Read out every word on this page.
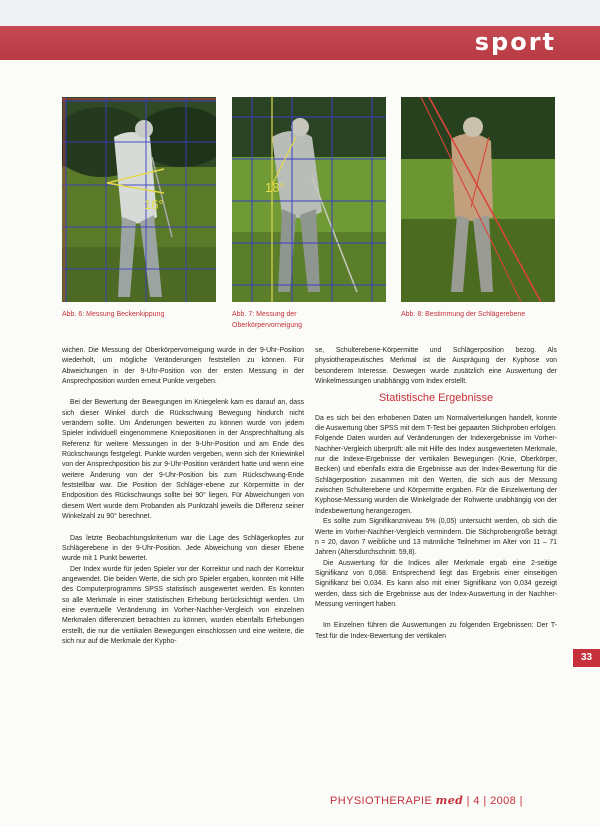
sport
16°
Abb. 6: Messung Beckenkippung
18°
Abb. 7: Messung der Oberkörpervorneigung
Abb. 8: Bestimmung der Schlägerebene

wichen. Die Messung der Oberkörpervorneigung wurde in der 9-Uhr-Position wiederholt, um mögliche Veränderungen feststellen zu können. Für Abweichungen in der 9-Uhr-Position von der ersten Messung in der Ansprechposition wurden erneut Punkte vergeben.

Bei der Bewertung der Bewegungen im Kniegelenk kam es darauf an, dass sich dieser Winkel durch die Rückschwung Bewegung hindurch nicht verändern sollte. Um Änderungen bewerten zu können wurde von jedem Spieler individuell eingenommene Kniepositionen in der Ansprechhaltung als Referenz für weitere Messungen in der 9-Uhr-Position und am Ende des Rückschwungs festgelegt. Punkte wurden vergeben, wenn sich der Kniewinkel von der Ansprechposition bis zur 9-Uhr-Position verändert hatte und wenn eine weitere Änderung von der 9-Uhr-Position bis zum Rückschwung-Ende feststellbar war. Die Position der Schläger-ebene zur Körpermitte in der Endposition des Rückschwungs sollte bei 90° liegen. Für Abweichungen von diesem Wert wurde dem Probanden als Punktzahl jeweils die Differenz seiner Winkelzahl zu 90° berechnet.

Das letzte Beobachtungskriterium war die Lage des Schlägerkopfes zur Schlägerebene in der 9-Uhr-Position. Jede Abweichung von dieser Ebene wurde mit 1 Punkt bewertet.

Der Index wurde für jeden Spieler vor der Korrektur und nach der Korrektur angewendet. Die beiden Werte, die sich pro Spieler ergaben, konnten mit Hilfe des Computerprogramms SPSS statistisch ausgewertet werden. Es konnten so alle Merkmale in einer statistischen Erhebung berücksichtigt werden. Um eine eventuelle Veränderung im Vorher-Nachher-Vergleich von einzelnen Merkmalen differenziert betrachten zu können, wurden ebenfalls Erhebungen erstellt, die nur die vertikalen Bewegungen einschlossen und eine weitere, die sich nur auf die Merkmale der Kypho-

se, Schulterebene-Körpermitte und Schlägerposition bezog. Als physiotherapeutisches Merkmal ist die Ausprägung der Kyphose von besonderem Interesse. Deswegen wurde zusätzlich eine Auswertung der Winkelmessungen unabhängig vom Index erstellt.

Statistische Ergebnisse

Da es sich bei den erhobenen Daten um Normalverteilungen handelt, konnte die Auswertung über SPSS mit dem T-Test bei gepaarten Stichproben erfolgen. Folgende Daten wurden auf Veränderungen der Indexergebnisse im Vorher-Nachher-Vergleich überprüft: alle mit Hilfe des Index ausgewerteten Merkmale, nur die Indexe-Ergebnisse der vertikalen Bewegungen (Knie, Oberkörper, Becken) und ebenfalls extra die Ergebnisse aus der Index-Bewertung für die Schlägerposition zusammen mit den Werten, die sich aus der Messung zwischen Schulterebene und Körpermitte ergaben. Für die Einzelwertung der Kyphose-Messung wurden die Winkelgrade der Rohwerte unabhängig von der Indexbewertung herangezogen.

Es sollte zum Signifikanzniveau 5% (0,05) untersucht werden, ob sich die Werte im Vorher-Nachher-Vergleich vermindern. Die Stichprobengröße beträgt n = 20, davon 7 weibliche und 13 männliche Teilnehmer im Alter von 11 – 71 Jahren (Altersdurchschnitt: 59,8).

Die Auswertung für die Indices aller Merkmale ergab eine 2-seitige Signifikanz von 0,068. Entsprechend liegt das Ergebnis einer einseitigen Signifikanz bei 0,034. Es kann also mit einer Signifikanz von 0,034 gezeigt werden, dass sich die Ergebnisse aus der Index-Auswertung in der Nachher-Messung verringert haben.

Im Einzelnen führen die Auswertungen zu folgenden Ergebnissen: Der T-Test für die Index-Bewertung der vertikalen

33
PHYSIOTHERAPIE med | 4 | 2008 |
